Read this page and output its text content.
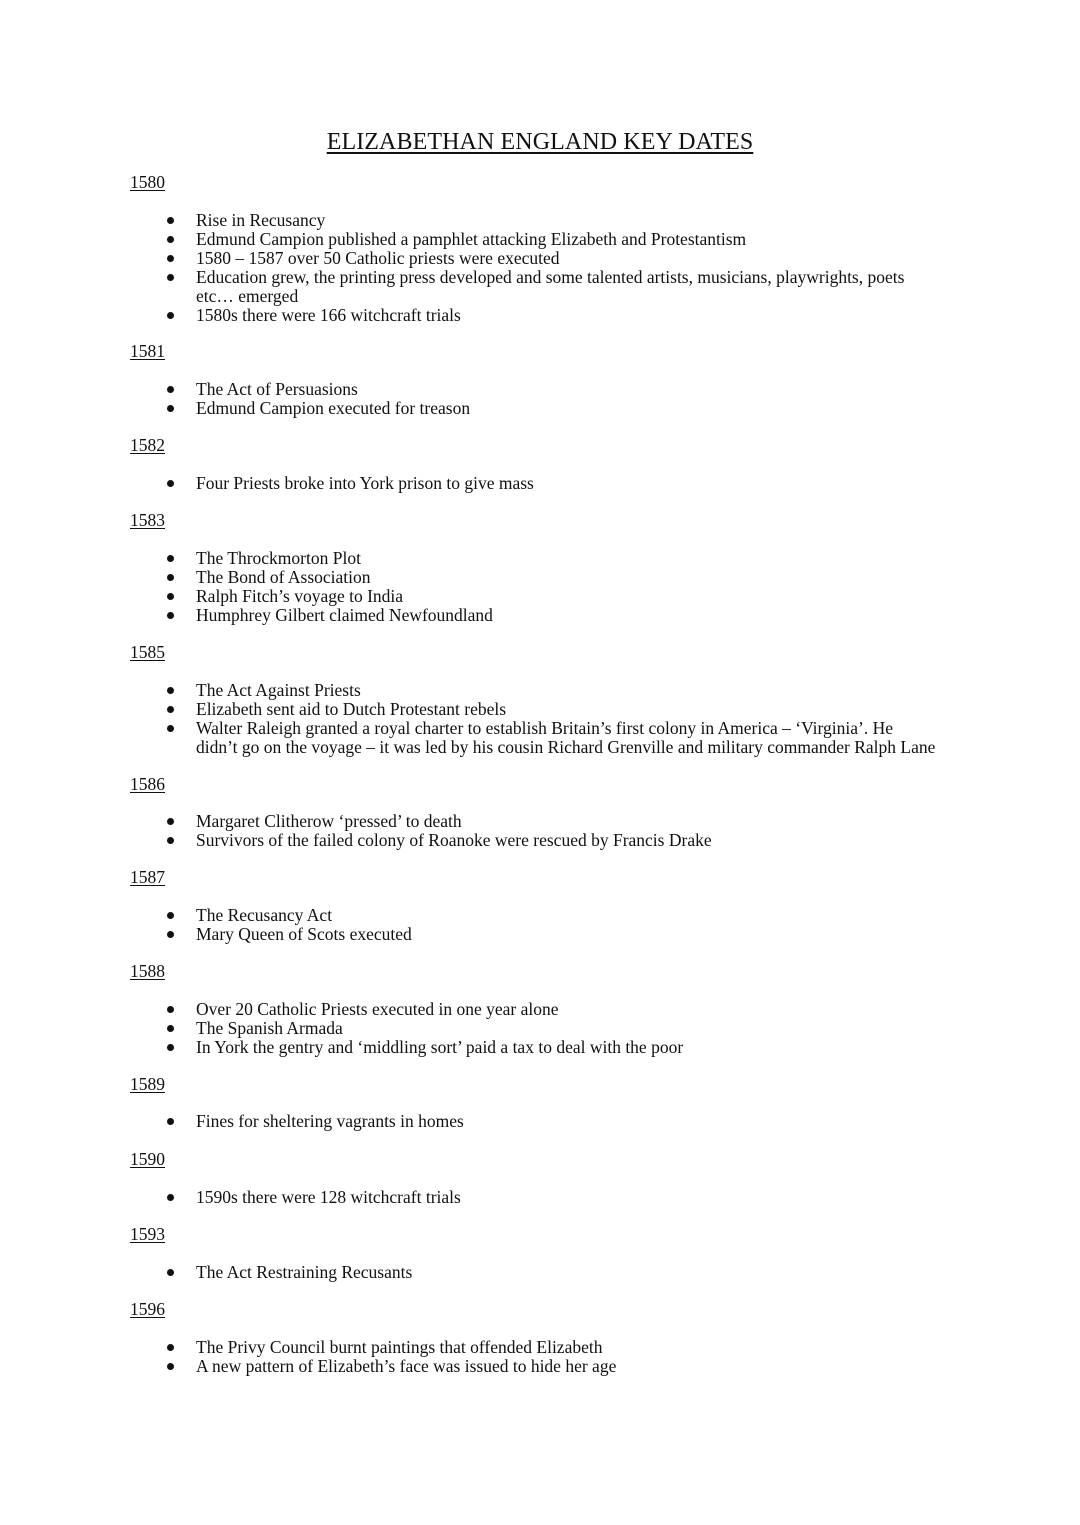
ELIZABETHAN ENGLAND KEY DATES
1580
Rise in Recusancy
Edmund Campion published a pamphlet attacking Elizabeth and Protestantism
1580 – 1587 over 50 Catholic priests were executed
Education grew, the printing press developed and some talented artists, musicians, playwrights, poets etc… emerged
1580s there were 166 witchcraft trials
1581
The Act of Persuasions
Edmund Campion executed for treason
1582
Four Priests broke into York prison to give mass
1583
The Throckmorton Plot
The Bond of Association
Ralph Fitch’s voyage to India
Humphrey Gilbert claimed Newfoundland
1585
The Act Against Priests
Elizabeth sent aid to Dutch Protestant rebels
Walter Raleigh granted a royal charter to establish Britain’s first colony in America – ‘Virginia’. He didn’t go on the voyage – it was led by his cousin Richard Grenville and military commander Ralph Lane
1586
Margaret Clitherow ‘pressed’ to death
Survivors of the failed colony of Roanoke were rescued by Francis Drake
1587
The Recusancy Act
Mary Queen of Scots executed
1588
Over 20 Catholic Priests executed in one year alone
The Spanish Armada
In York the gentry and ‘middling sort’ paid a tax to deal with the poor
1589
Fines for sheltering vagrants in homes
1590
1590s there were 128 witchcraft trials
1593
The Act Restraining Recusants
1596
The Privy Council burnt paintings that offended Elizabeth
A new pattern of Elizabeth’s face was issued to hide her age
